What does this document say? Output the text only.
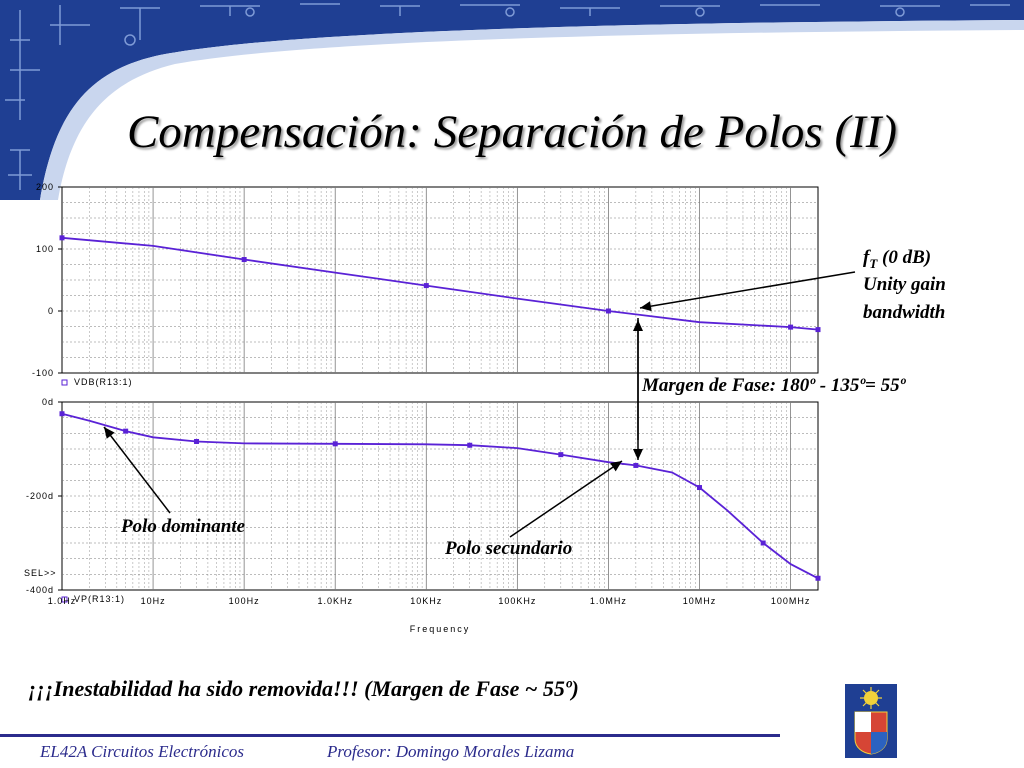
Compensación: Separación de Polos (II)
200
100
0
-100
VDB(R13:1)
0d
-200d
-400d
VP(R13:1)
1.0Hz	10Hz	100Hz	1.0KHz	10KHz	100KHz	1.0MHz	10MHz	100MHz
Frequency
SEL>>
$f_T$ (0 dB)
Unity gain
bandwidth
Margen de Fase: 180º - 135º= 55º
Polo dominante
Polo secundario
¡¡¡Inestabilidad ha sido removida!!! (Margen de Fase ~ 55º)
EL42A Circuitos Electrónicos	Profesor: Domingo Morales Lizama
